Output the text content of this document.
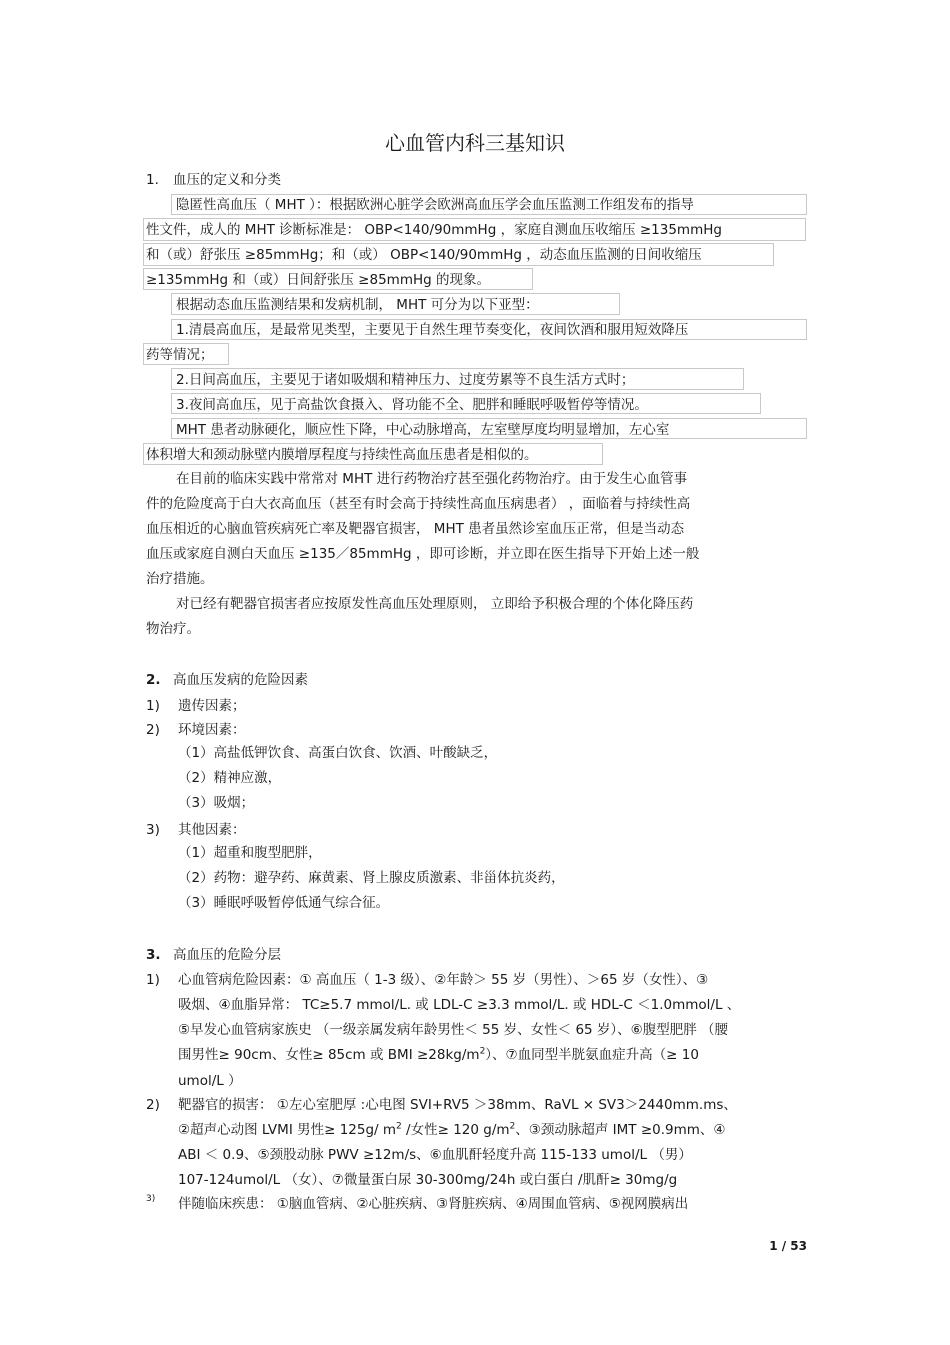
心血管内科三基知识
1. 血压的定义和分类
隐匿性高血压（ MHT ）：根据欧洲心脏学会欧洲高血压学会血压监测工作组发布的指导
性文件，成人的 MHT 诊断标准是： OBP<140/90mmHg ，家庭自测血压收缩压 ≥135mmHg
和（或）舒张压 ≥85mmHg；和（或） OBP<140/90mmHg ，动态血压监测的日间收缩压
≥135mmHg 和（或）日间舒张压 ≥85mmHg 的现象。
根据动态血压监测结果和发病机制， MHT 可分为以下亚型：
1.清晨高血压，是最常见类型，主要见于自然生理节奏变化，夜间饮酒和服用短效降压
药等情况；
2.日间高血压，主要见于诸如吸烟和精神压力、过度劳累等不良生活方式时；
3.夜间高血压，见于高盐饮食摄入、肾功能不全、肥胖和睡眠呼吸暂停等情况。
MHT 患者动脉硬化，顺应性下降，中心动脉增高，左室壁厚度均明显增加，左心室
体积增大和颈动脉壁内膜增厚程度与持续性高血压患者是相似的。
在目前的临床实践中常常对 MHT 进行药物治疗甚至强化药物治疗。由于发生心血管事
件的危险度高于白大衣高血压（甚至有时会高于持续性高血压病患者） ，面临着与持续性高
血压相近的心脑血管疾病死亡率及靶器官损害， MHT 患者虽然诊室血压正常，但是当动态
血压或家庭自测白天血压 ≥135／85mmHg ，即可诊断，并立即在医生指导下开始上述一般
治疗措施。
对已经有靶器官损害者应按原发性高血压处理原则， 立即给予积极合理的个体化降压药
物治疗。
2. 高血压发病的危险因素
1) 遗传因素；
2) 环境因素：
（1）高盐低钾饮食、高蛋白饮食、饮酒、叶酸缺乏，
（2）精神应激，
（3）吸烟；
3) 其他因素：
（1）超重和腹型肥胖，
（2）药物：避孕药、麻黄素、肾上腺皮质激素、非甾体抗炎药，
（3）睡眠呼吸暂停低通气综合征。
3. 高血压的危险分层
1) 心血管病危险因素：① 高血压（ 1-3 级）、②年龄＞ 55 岁（男性）、＞65 岁（女性）、③
吸烟、④血脂异常： TC≥5.7 mmol/L. 或 LDL-C ≥3.3 mmol/L. 或 HDL-C ＜1.0mmol/L 、
⑤早发心血管病家族史 （一级亲属发病年龄男性＜ 55 岁、女性＜ 65 岁）、⑥腹型肥胖 （腰
围男性≥ 90cm、女性≥ 85cm 或 BMI $\ge 28kg/m^2$）、⑦血同型半胱氨血症升高（≥ 10
umol/L ）
2) 靶器官的损害： ①左心室肥厚 :心电图 SVI+RV5 ＞38mm、RaVL × SV3＞2440mm.ms、
②超声心动图 LVMI 男性≥ 125g/ $m^2$ /女性≥ 120 $g/m^2$、③颈动脉超声 IMT ≥0.9mm、④
ABI ＜ 0.9、⑤颈股动脉 PWV ≥12m/s、⑥血肌酐轻度升高 115-133 umol/L （男）
107-124umol/L （女）、⑦微量蛋白尿 30-300mg/24h 或白蛋白 /肌酐≥ 30mg/g
3) 伴随临床疾患： ①脑血管病、②心脏疾病、③肾脏疾病、④周围血管病、⑤视网膜病出
1 / 53
